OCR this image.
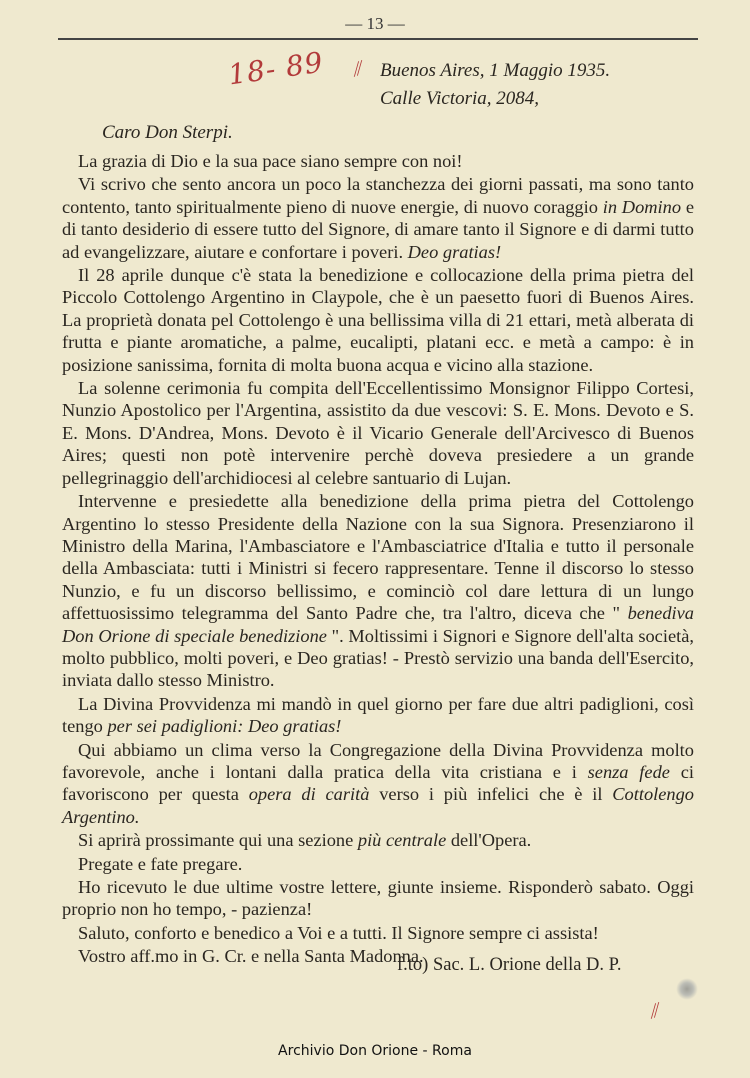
— 13 —
18- 89 ⁄⁄ Buenos Aires, 1 Maggio 1935.
Calle Victoria, 2084,
Caro Don Sterpi.

La grazia di Dio e la sua pace siano sempre con noi!

Vi scrivo che sento ancora un poco la stanchezza dei giorni passati, ma sono tanto contento, tanto spiritualmente pieno di nuove energie, di nuovo coraggio in Domino e di tanto desiderio di essere tutto del Signore, di amare tanto il Signore e di darmi tutto ad evangelizzare, aiutare e confortare i poveri. Deo gratias!

Il 28 aprile dunque c'è stata la benedizione e collocazione della prima pietra del Piccolo Cottolengo Argentino in Claypole, che è un paesetto fuori di Buenos Aires. La proprietà donata pel Cottolengo è una bellissima villa di 21 ettari, metà alberata di frutta e piante aromatiche, a palme, eucalipti, platani ecc. e metà a campo: è in posizione sanissima, fornita di molta buona acqua e vicino alla stazione.

La solenne cerimonia fu compita dell'Eccellentissimo Monsignor Filippo Cortesi, Nunzio Apostolico per l'Argentina, assistito da due vescovi: S. E. Mons. Devoto e S. E. Mons. D'Andrea, Mons. Devoto è il Vicario Generale dell'Arcivesco di Buenos Aires; questi non potè intervenire perchè doveva presiedere a un grande pellegrinaggio dell'archidiocesi al celebre santuario di Lujan.

Intervenne e presiedette alla benedizione della prima pietra del Cottolengo Argentino lo stesso Presidente della Nazione con la sua Signora. Presenziarono il Ministro della Marina, l'Ambasciatore e l'Ambasciatrice d'Italia e tutto il personale della Ambasciata: tutti i Ministri si fecero rappresentare. Tenne il discorso lo stesso Nunzio, e fu un discorso bellissimo, e cominciò col dare lettura di un lungo affettuosissimo telegramma del Santo Padre che, tra l'altro, diceva che " benediva Don Orione di speciale benedizione ". Moltissimi i Signori e Signore dell'alta società, molto pubblico, molti poveri, e Deo gratias! - Prestò servizio una banda dell'Esercito, inviata dallo stesso Ministro.

La Divina Provvidenza mi mandò in quel giorno per fare due altri padiglioni, così tengo per sei padiglioni: Deo gratias!

Qui abbiamo un clima verso la Congregazione della Divina Provvidenza molto favorevole, anche i lontani dalla pratica della vita cristiana e i senza fede ci favoriscono per questa opera di carità verso i più infelici che è il Cottolengo Argentino.

Si aprirà prossimante qui una sezione più centrale dell'Opera.

Pregate e fate pregare.

Ho ricevuto le due ultime vostre lettere, giunte insieme. Risponderò sabato. Oggi proprio non ho tempo, - pazienza!

Saluto, conforto e benedico a Voi e a tutti. Il Signore sempre ci assista!

Vostro aff.mo in G. Cr. e nella Santa Madonna.

f.to) Sac. L. Orione della D. P.
⁄⁄
Archivio Don Orione - Roma
